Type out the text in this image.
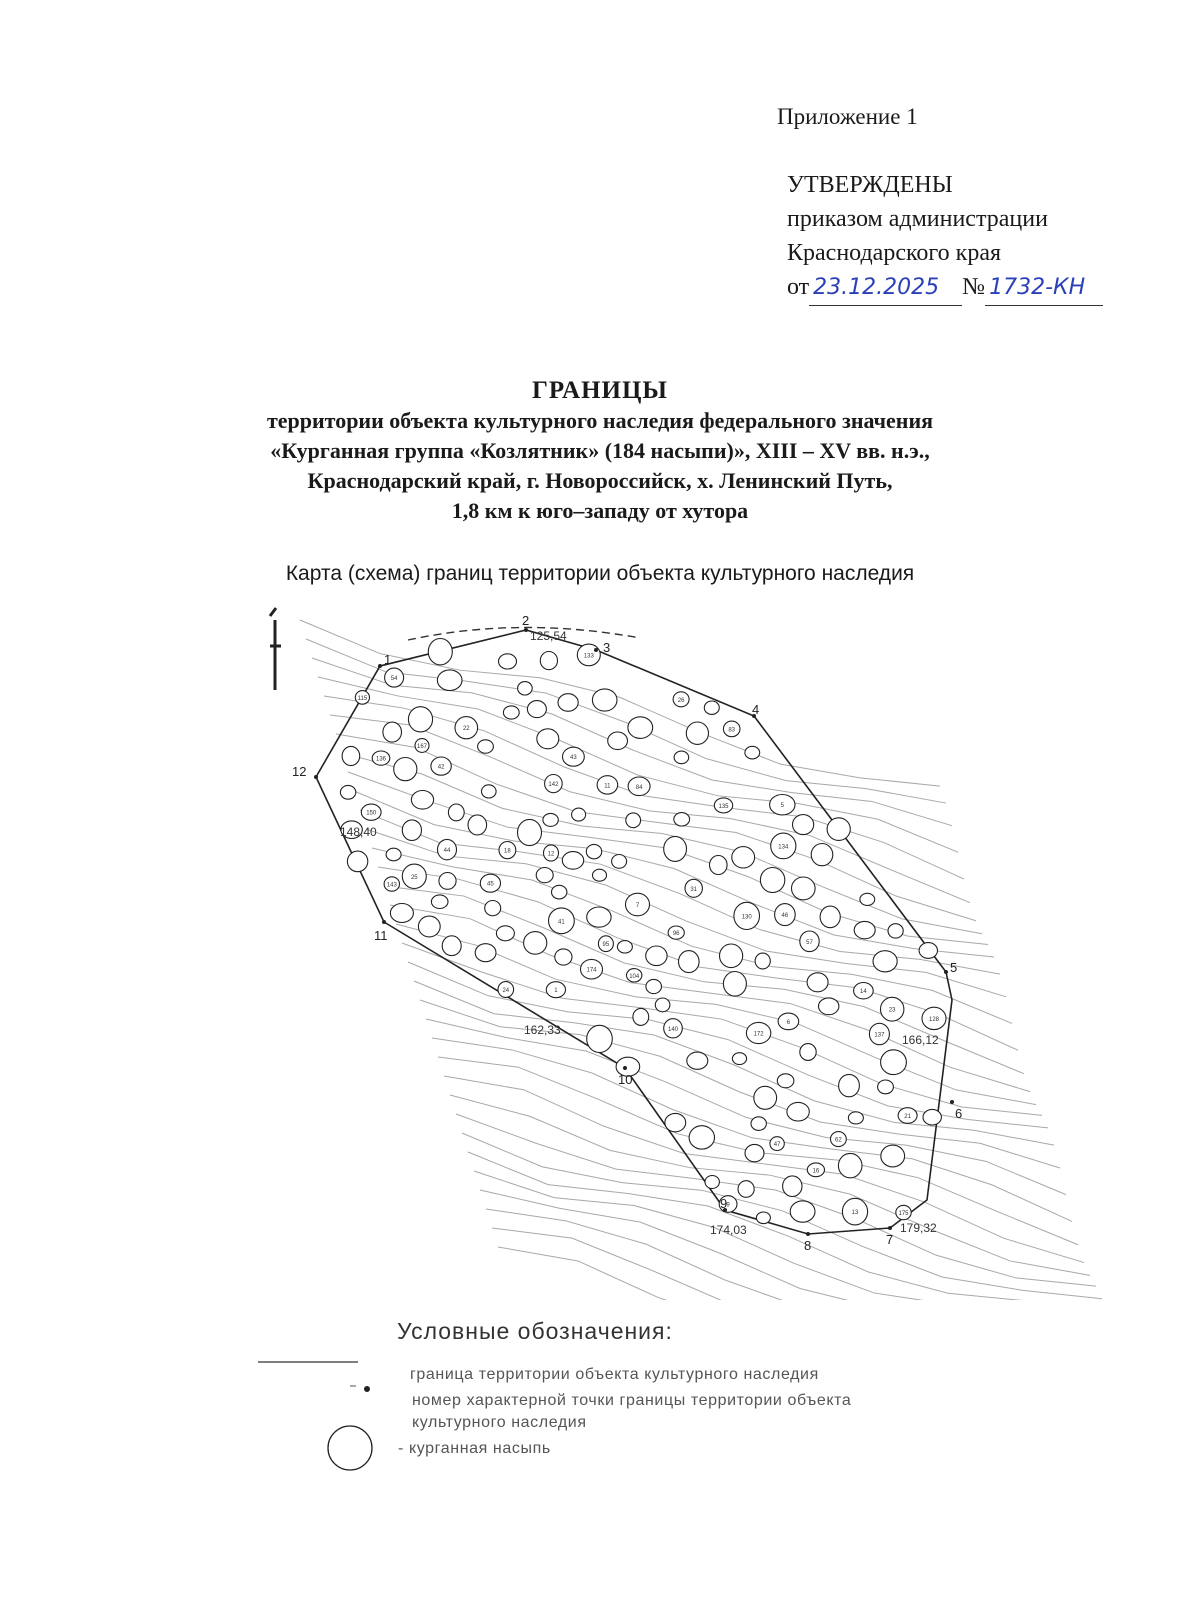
Приложение 1
УТВЕРЖДЕНЫ
приказом администрации
Краснодарского края
от 23.12.2025 № 1732-КН
ГРАНИЦЫ
территории объекта культурного наследия федерального значения
«Курганная группа «Козлятник» (184 насыпи)», XIII – XV вв. н.э.,
Краснодарский край, г. Новороссийск, х. Ленинский Путь,
1,8 км к юго–западу от хутора
Карта (схема) границ территории объекта культурного наследия
104
95
31
84
96
175
174
11
12
83
54
9
7
13
6
5
1	14
16
172
115
62
150
142
167
143
133
134
135
136
137
130
128
140
57
41
42
43
44
26
45
46
47
18
21
22
23
24
25
1
2
3
4
5
6
7
8
9
10
11
12
125,54
148,40
162,33
166,12
174,03	179,32
Условные обозначения:
граница территории объекта культурного наследия
номер характерной точки границы территории объекта
культурного наследия
- курганная насыпь
